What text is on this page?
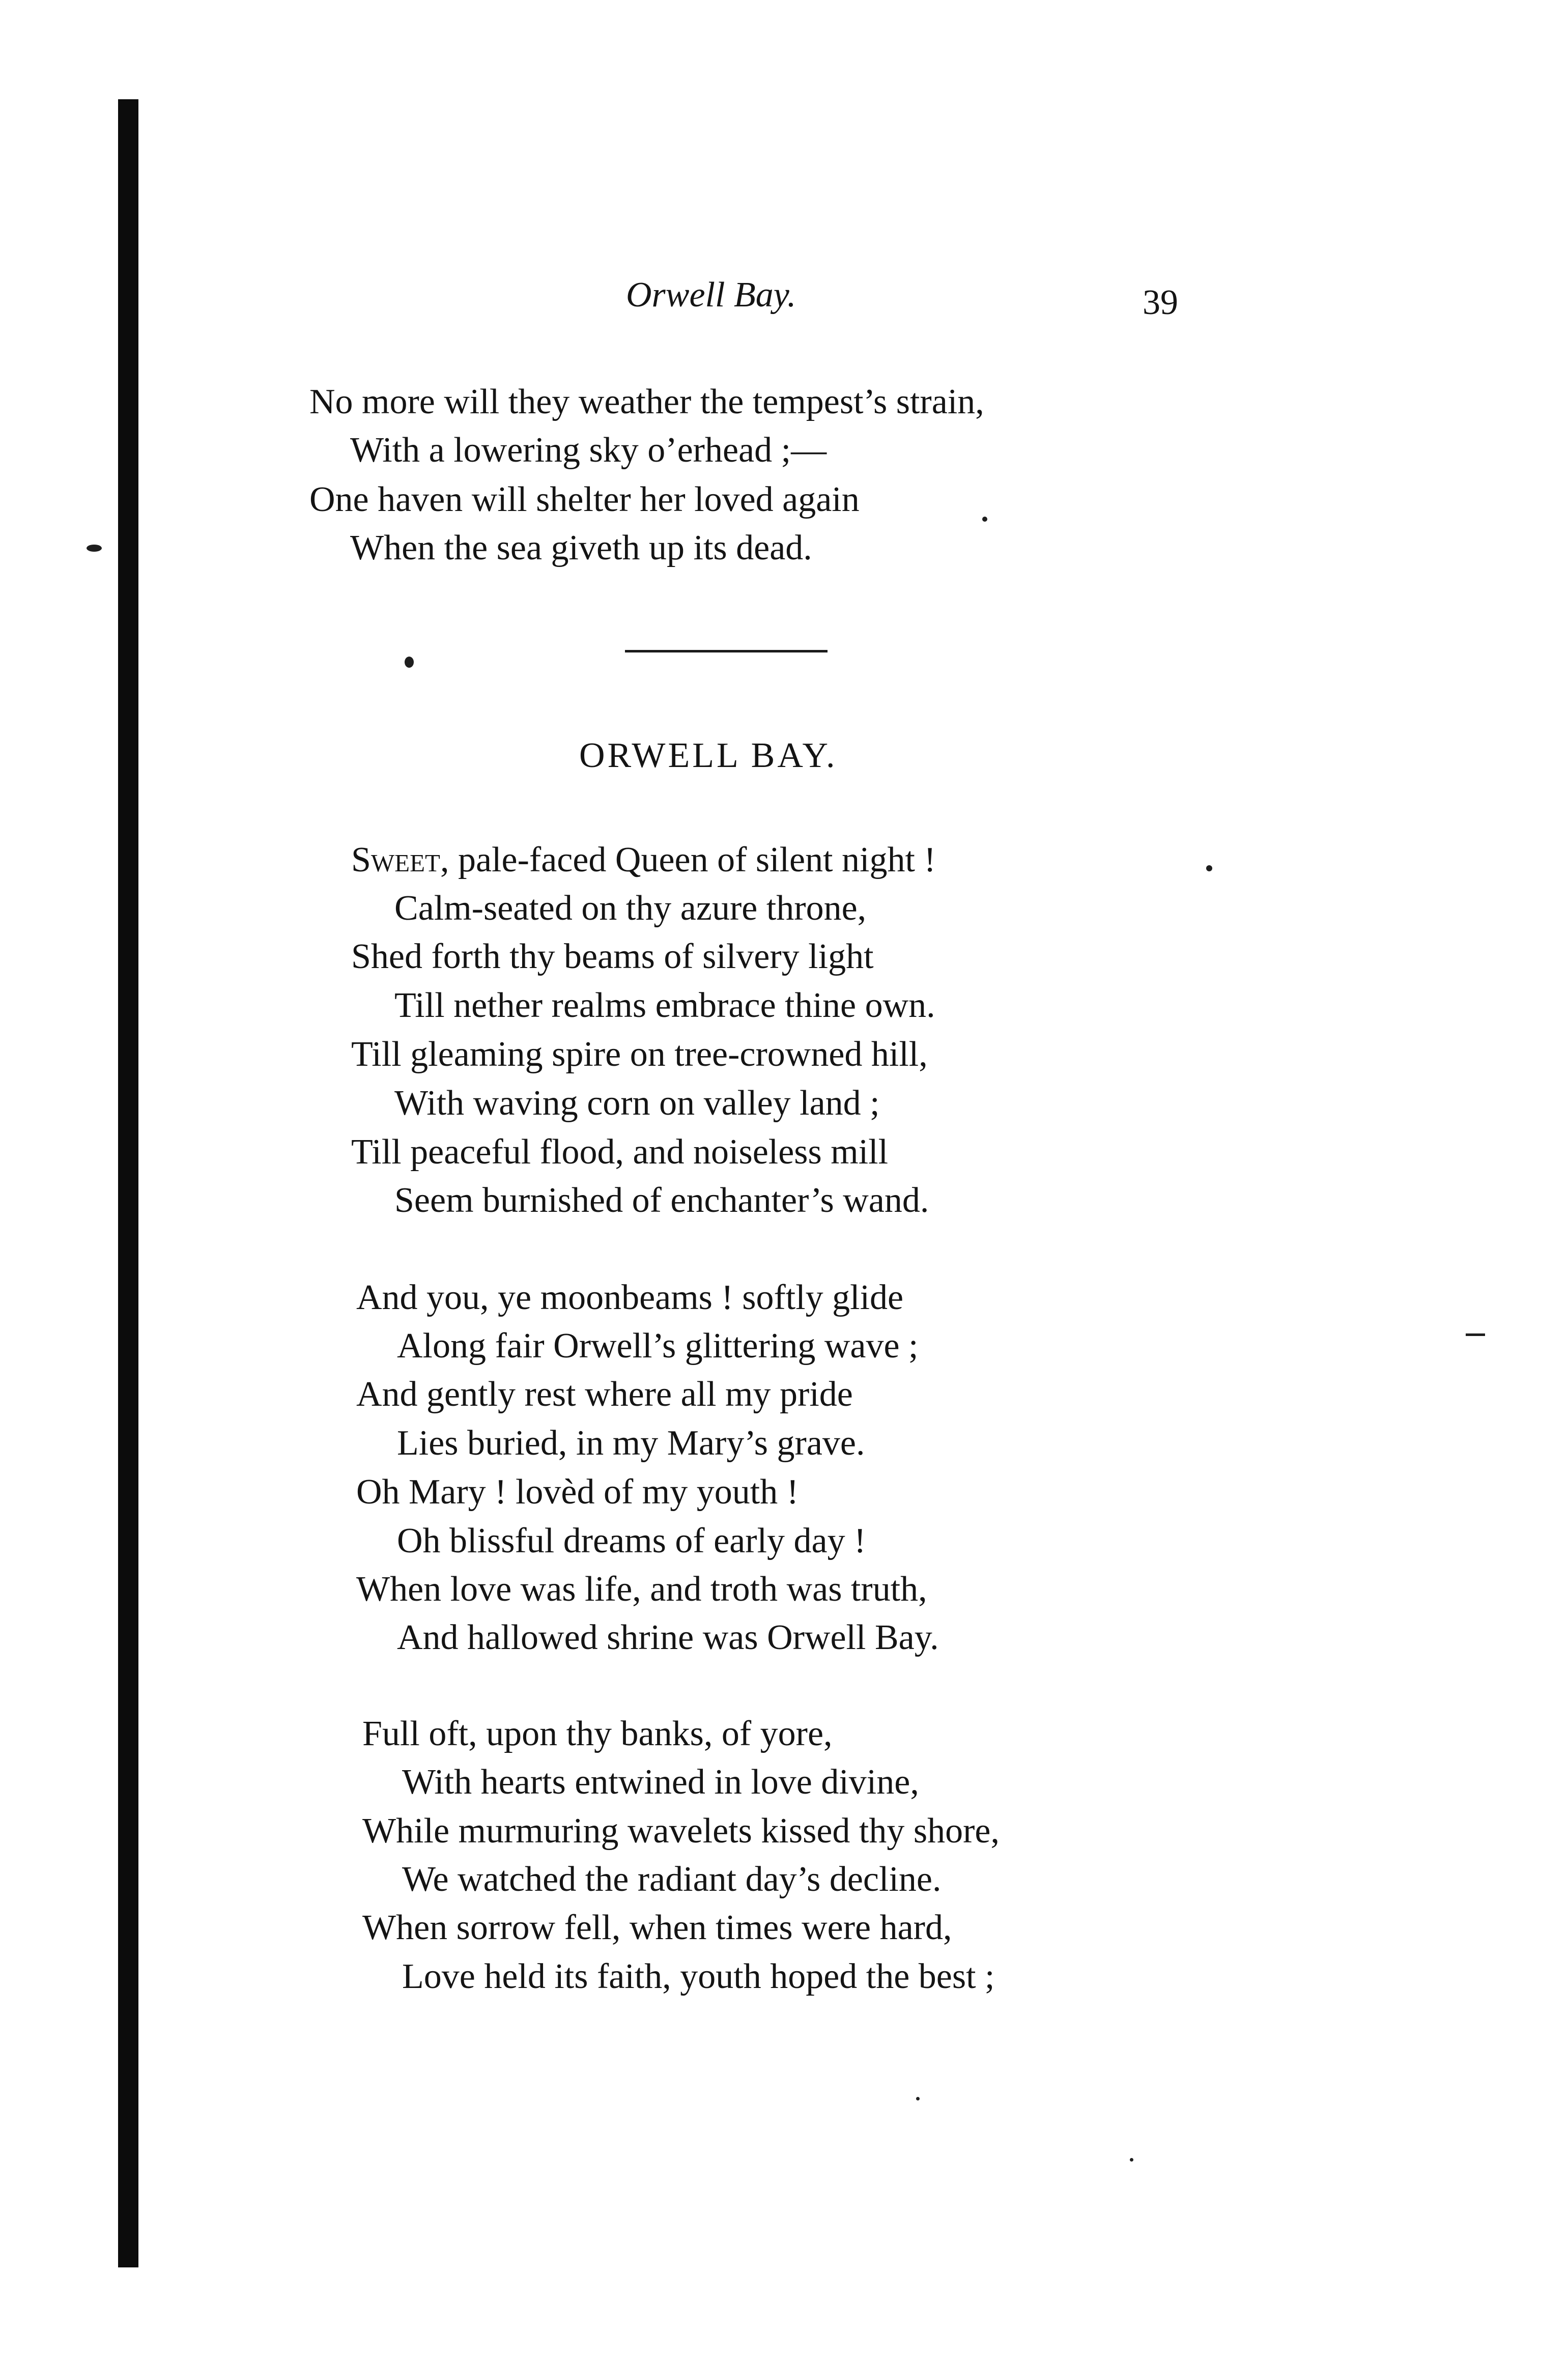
Orwell Bay.	39
No more will they weather the tempest’s strain,
With a lowering sky o’erhead ;—
One haven will shelter her loved again
When the sea giveth up its dead.
ORWELL BAY.
Sweet, pale-faced Queen of silent night !
Calm-seated on thy azure throne,
Shed forth thy beams of silvery light
Till nether realms embrace thine own.
Till gleaming spire on tree-crowned hill,
With waving corn on valley land ;
Till peaceful flood, and noiseless mill
Seem burnished of enchanter’s wand.
And you, ye moonbeams ! softly glide
Along fair Orwell’s glittering wave ;
And gently rest where all my pride
Lies buried, in my Mary’s grave.
Oh Mary ! lovèd of my youth !
Oh blissful dreams of early day !
When love was life, and troth was truth,
And hallowed shrine was Orwell Bay.
Full oft, upon thy banks, of yore,
With hearts entwined in love divine,
While murmuring wavelets kissed thy shore,
We watched the radiant day’s decline.
When sorrow fell, when times were hard,
Love held its faith, youth hoped the best ;
